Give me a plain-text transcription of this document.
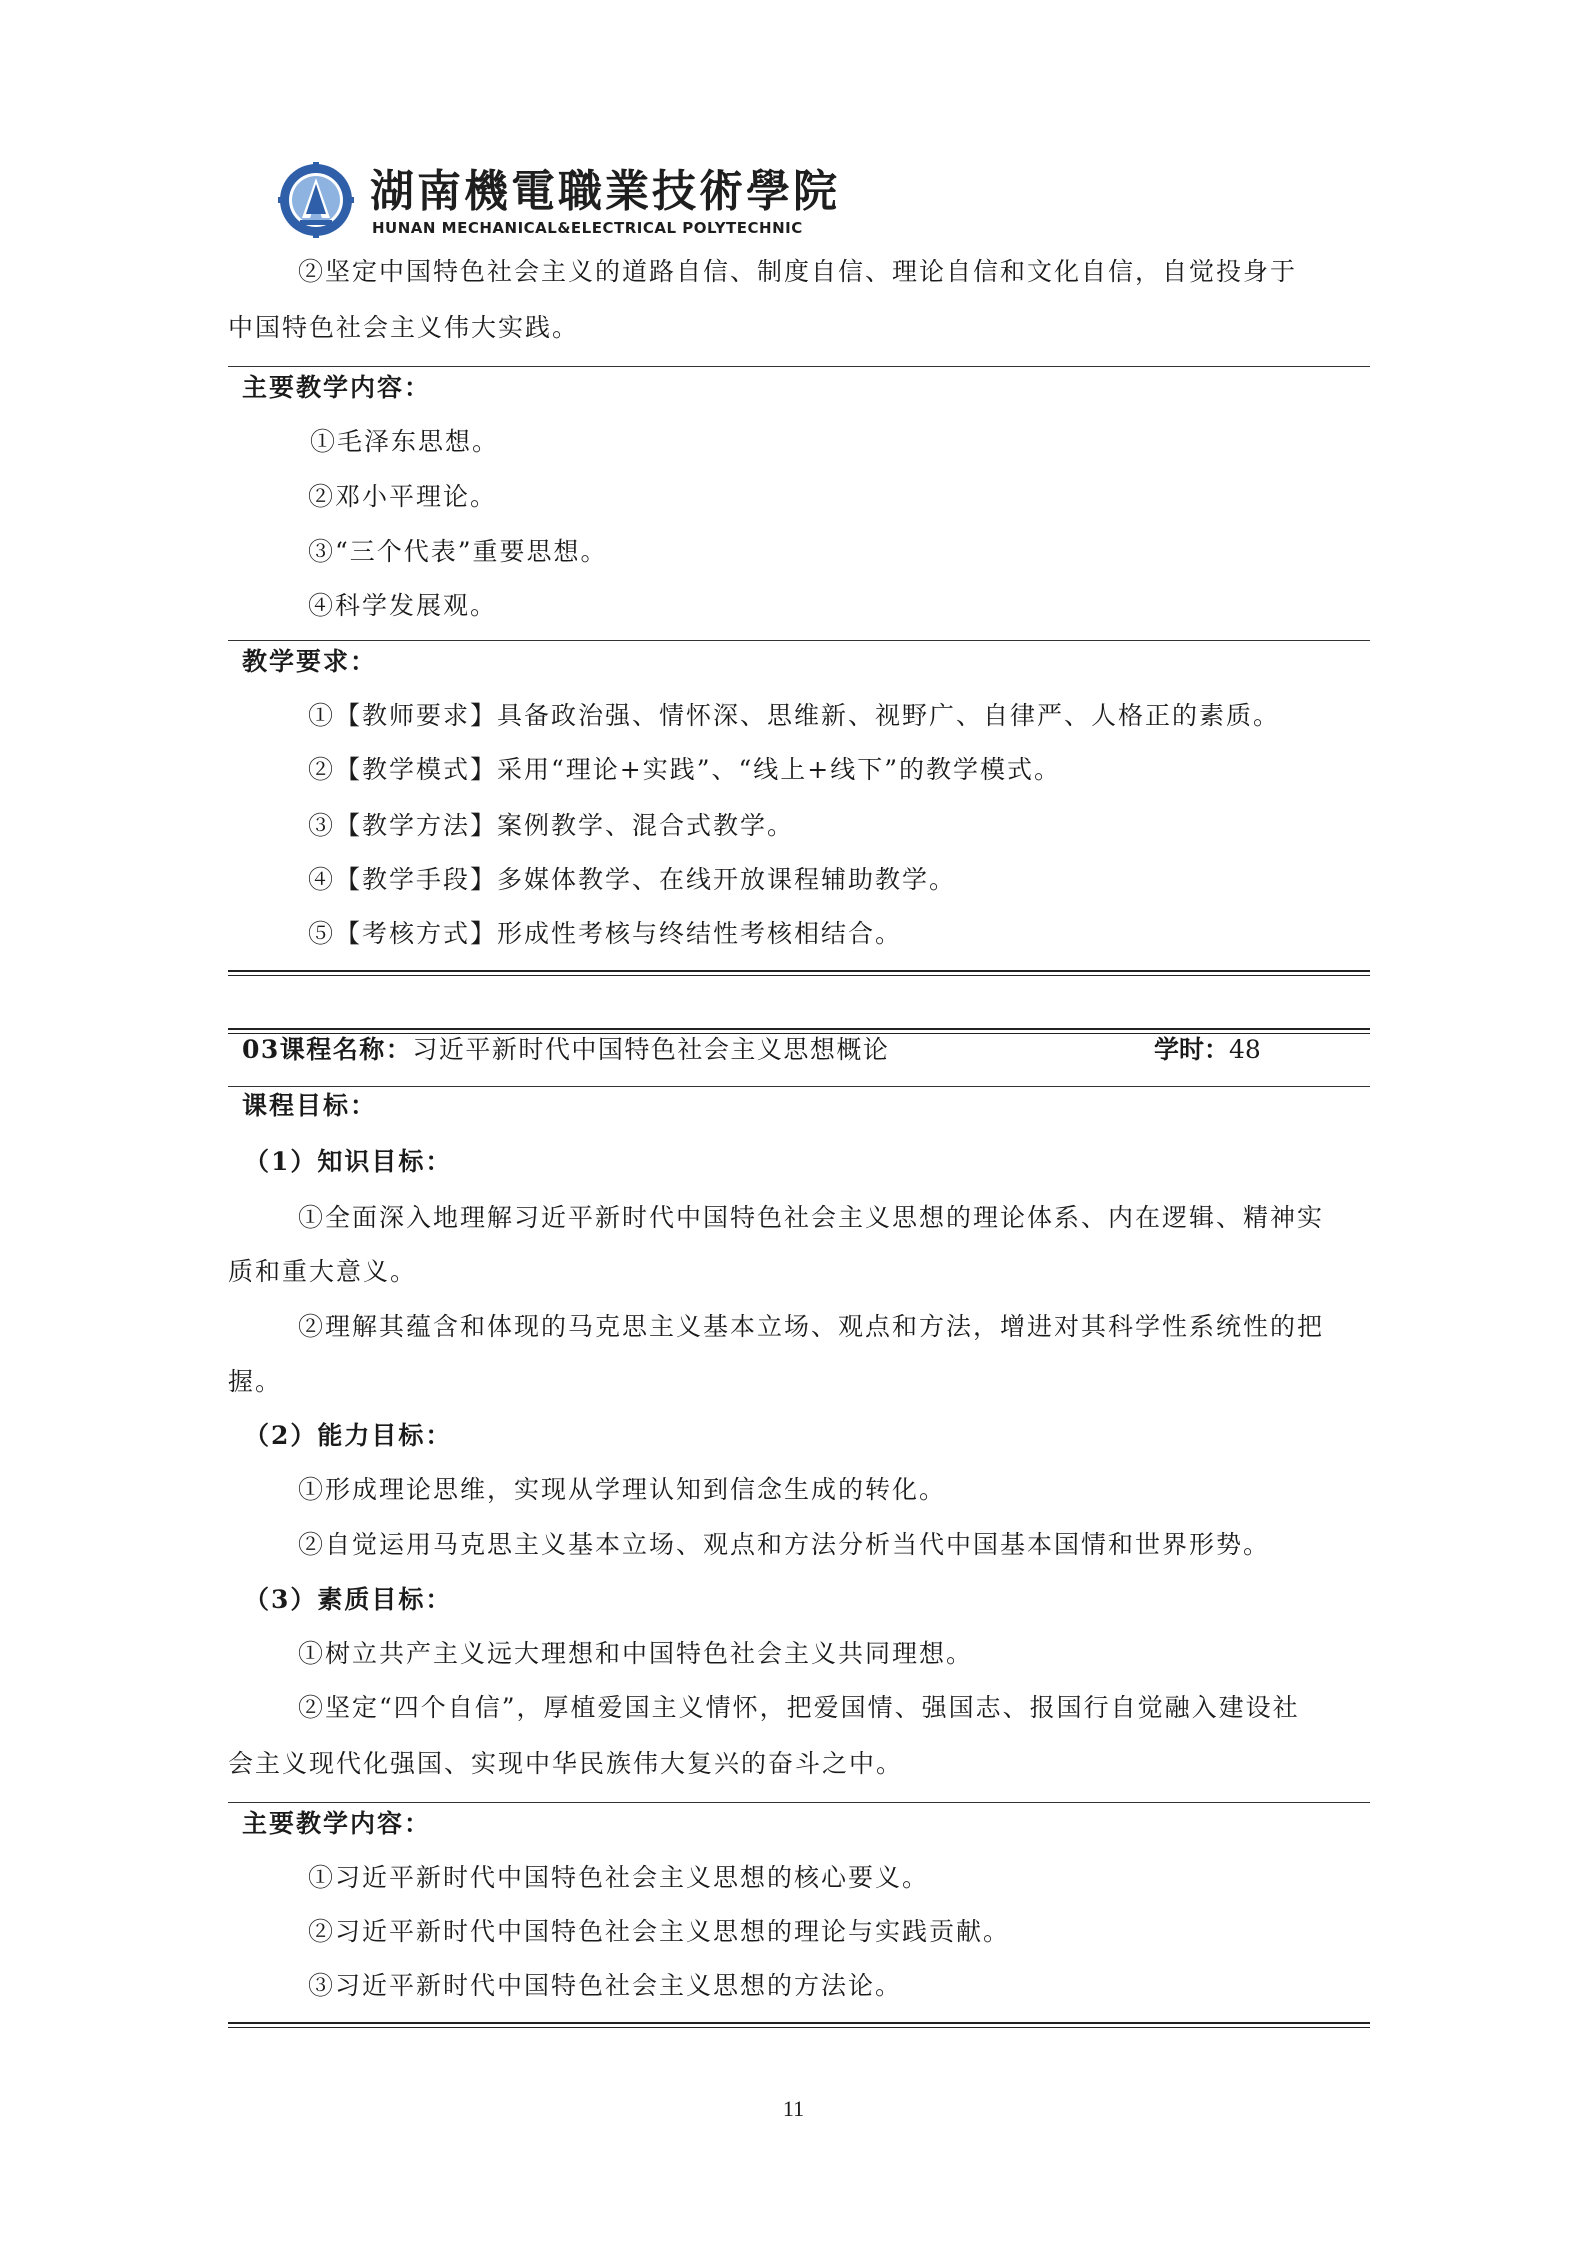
湖南機電職業技術學院
HUNAN MECHANICAL&ELECTRICAL POLYTECHNIC
②坚定中国特色社会主义的道路自信、制度自信、理论自信和文化自信，自觉投身于
中国特色社会主义伟大实践。
主要教学内容：
①毛泽东思想。
②邓小平理论。
③“三个代表”重要思想。
④科学发展观。
教学要求：
①【教师要求】具备政治强、情怀深、思维新、视野广、自律严、人格正的素质。
②【教学模式】采用“理论+实践”、“线上+线下”的教学模式。
③【教学方法】案例教学、混合式教学。
④【教学手段】多媒体教学、在线开放课程辅助教学。
⑤【考核方式】形成性考核与终结性考核相结合。
03课程名称：习近平新时代中国特色社会主义思想概论	学时：48
课程目标：
（1）知识目标：
①全面深入地理解习近平新时代中国特色社会主义思想的理论体系、内在逻辑、精神实
质和重大意义。
②理解其蕴含和体现的马克思主义基本立场、观点和方法，增进对其科学性系统性的把
握。
（2）能力目标：
①形成理论思维，实现从学理认知到信念生成的转化。
②自觉运用马克思主义基本立场、观点和方法分析当代中国基本国情和世界形势。
（3）素质目标：
①树立共产主义远大理想和中国特色社会主义共同理想。
②坚定“四个自信”，厚植爱国主义情怀，把爱国情、强国志、报国行自觉融入建设社
会主义现代化强国、实现中华民族伟大复兴的奋斗之中。
主要教学内容：
①习近平新时代中国特色社会主义思想的核心要义。
②习近平新时代中国特色社会主义思想的理论与实践贡献。
③习近平新时代中国特色社会主义思想的方法论。
11
